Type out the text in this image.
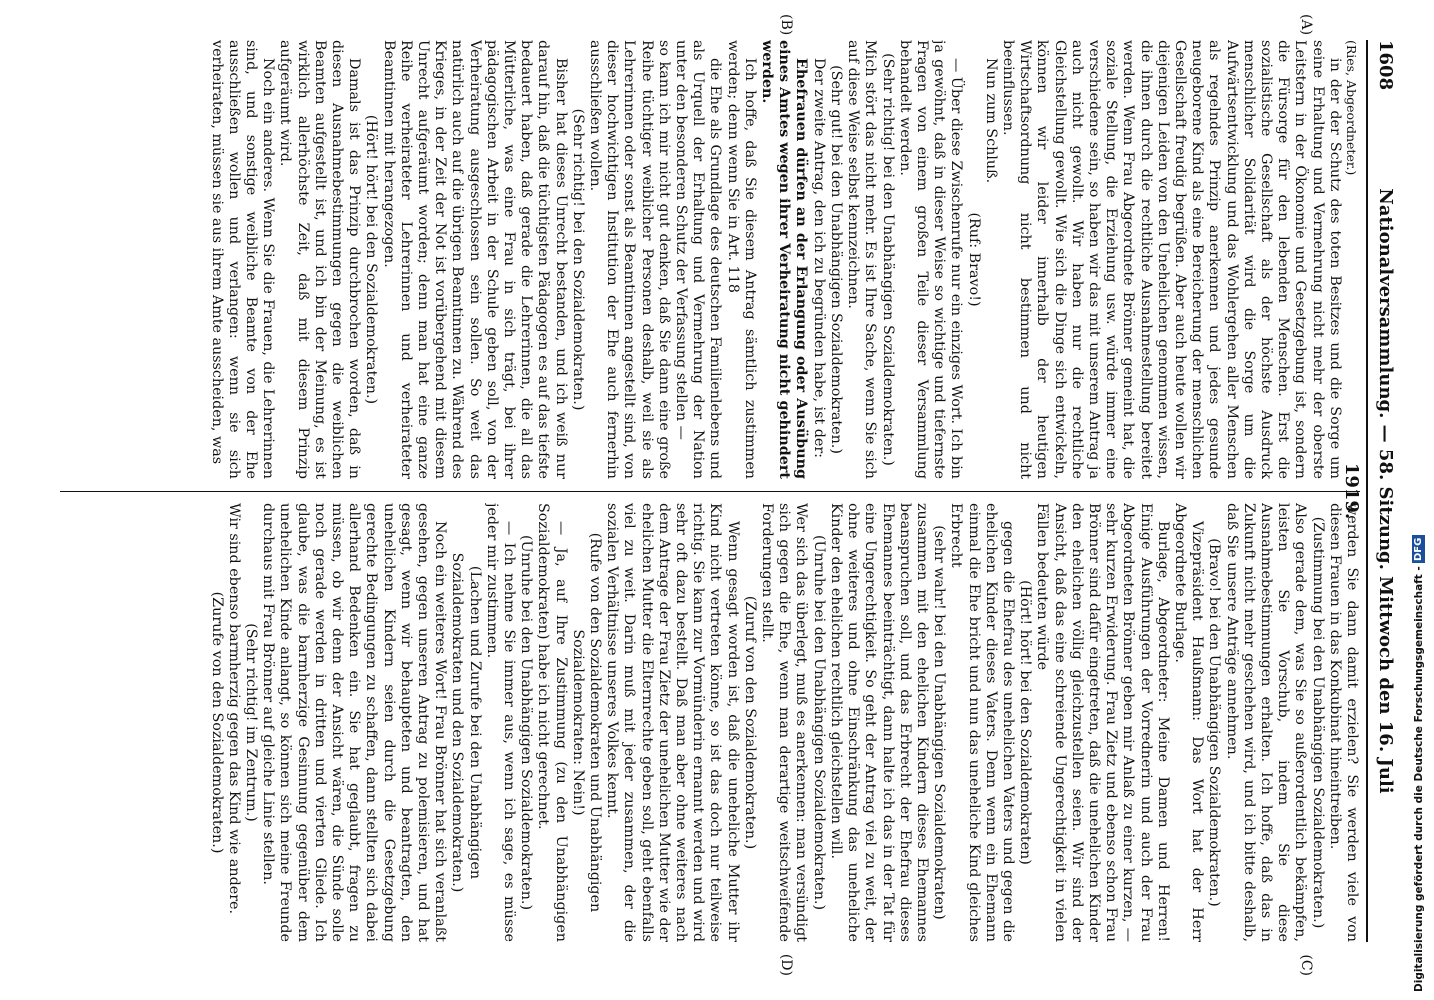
1608
Nationalversammlung. — 58. Sitzung. Mittwoch den 16. Juli 1919.

(Ries, Abgeordneter.)

in der der Schutz des toten Besitzes und die Sorge um seine Erhaltung und Vermehrung nicht mehr der oberste Leitstern in der Ökonomie und Gesetzgebung ist, sondern die Fürsorge für den lebenden Menschen. Erst die sozialistische Gesellschaft als der höchste Ausdruck menschlicher Solidarität wird die Sorge um die Aufwärtsentwicklung und das Wohlergehen aller Menschen als regelndes Prinzip anerkennen und jedes gesunde neugeborene Kind als eine Bereicherung der menschlichen Gesellschaft freudig begrüßen. Aber auch heute wollen wir diejenigen Leiden von den Unehelichen genommen wissen, die ihnen durch die rechtliche Ausnahmestellung bereitet werden. Wenn Frau Abgeordnete Brönner gemeint hat, die soziale Stellung, die Erziehung usw. würde immer eine verschiedene sein, so haben wir das mit unserem Antrag ja auch nicht gewollt. Wir haben nur die rechtliche Gleichstellung gewollt. Wie sich die Dinge sich entwickeln, können wir leider innerhalb der heutigen Wirtschaftsordnung nicht bestimmen und nicht beeinflussen.

Nun zum Schluß.

(Ruf: Bravo!)

— Über diese Zwischenrufe nur ein einziges Wort. Ich bin ja gewöhnt, daß in dieser Weise so wichtige und tiefernste Fragen von einem großen Teile dieser Versammlung behandelt werden.

(Sehr richtig! bei den Unabhängigen Sozialdemokraten.)

Mich stört das nicht mehr. Es ist Ihre Sache, wenn Sie sich auf diese Weise selbst kennzeichnen.

(Sehr gut! bei den Unabhängigen Sozialdemokraten.)

Der zweite Antrag, den ich zu begründen habe, ist der:

Ehefrauen dürfen an der Erlangung oder Ausübung eines Amtes wegen ihrer Verheiratung nicht gehindert werden.

Ich hoffe, daß Sie diesem Antrag sämtlich zustimmen werden; denn wenn Sie in Art. 118

die Ehe als Grundlage des deutschen Familienlebens und als Urquell der Erhaltung und Vermehrung der Nation unter den besonderen Schutz der Verfassung stellen —

so kann ich mir nicht gut denken, daß Sie dann eine große Reihe tüchtiger weiblicher Personen deshalb, weil sie als Lehrerinnen oder sonst als Beamtinnen angestellt sind, von dieser hochwichtigen Institution der Ehe auch fernerhin ausschließen wollen.

(Sehr richtig! bei den Sozialdemokraten.)

Bisher hat dieses Unrecht bestanden, und ich weiß nur darauf hin, daß die tüchtigsten Pädagogen es auf das tiefste bedauert haben, daß gerade die Lehrerinnen, die all das Mütterliche, was eine Frau in sich trägt, bei ihrer pädagogischen Arbeit in der Schule geben soll, von der Verheiratung ausgeschlossen sein sollen. So weit das natürlich auch auf die übrigen Beamtinnen zu. Während des Krieges, in der Zeit der Not ist vorübergehend mit diesem Unrecht aufgeräumt worden; denn man hat eine ganze Reihe verheirateter Lehrerinnen und verheirateter Beamtinnen mit herangezogen.

(Hört! hört! bei den Sozialdemokraten.)

Damals ist das Prinzip durchbrochen worden, daß in diesen Ausnahmebestimmungen gegen die weiblichen Beamten aufgestellt ist, und ich bin der Meinung, es ist wirklich allerhöchste Zeit, daß mit diesem Prinzip aufgeräumt wird.

Noch ein anderes. Wenn Sie die Frauen, die Lehrerinnen sind, und sonstige weibliche Beamte von der Ehe ausschließen wollen und verlangen: wenn sie sich verheiraten, müssen sie aus ihrem Amte ausscheiden, was

werden Sie dann damit erzielen? Sie werden viele von diesen Frauen in das Konkubinat hineintreiben.

(Zustimmung bei den Unabhängigen Sozialdemokraten.)

Also gerade dem, was Sie so außerordentlich bekämpfen, leisten Sie Vorschub, indem Sie diese Ausnahmebestimmungen erhalten. Ich hoffe, daß das in Zukunft nicht mehr geschehen wird, und ich bitte deshalb, daß Sie unsere Anträge annehmen.

(Bravo! bei den Unabhängigen Sozialdemokraten.)

Vizepräsident Haußmann: Das Wort hat der Herr Abgeordnete Burlage.

Burlage, Abgeordneter: Meine Damen und Herren! Einige Ausführungen der Vorrednerin und auch der Frau Abgeordneten Brönner geben mir Anlaß zu einer kurzen, — sehr kurzen Erwiderung. Frau Zietz und ebenso schon Frau Brönner sind dafür eingetreten, daß die unehelichen Kinder den ehelichen völlig gleichzustellen seien. Wir sind der Ansicht, daß das eine schreiende Ungerechtigkeit in vielen Fällen bedeuten würde

(Hört! hört! bei den Sozialdemokraten)

gegen die Ehefrau des unehelichen Vaters und gegen die ehelichen Kinder dieses Vaters. Denn wenn ein Ehemann einmal die Ehe bricht und nun das uneheliche Kind gleiches Erbrecht

(sehr wahr! bei den Unabhängigen Sozialdemokraten)

zusammen mit den ehelichen Kindern dieses Ehemannes beanspruchen soll, und das Erbrecht der Ehefrau dieses Ehemannes beeinträchtigt, dann halte ich das in der Tat für eine Ungerechtigkeit. So geht der Antrag viel zu weit, der ohne weiteres und ohne Einschränkung das uneheliche Kinder den ehelichen rechtlich gleichstellen will.

(Unruhe bei den Unabhängigen Sozialdemokraten.)

Wer sich das überlegt, muß es anerkennen: man versündigt sich gegen die Ehe, wenn man derartige weitschweifende Forderungen stellt.

(Zuruf von den Sozialdemokraten.)

Wenn gesagt worden ist, daß die uneheliche Mutter ihr Kind nicht vertreten könne, so ist das doch nur teilweise richtig. Sie kann zur Vormünderin ernannt werden und wird sehr oft dazu bestellt. Daß man aber ohne weiteres nach dem Antrage der Frau Zietz der unehelichen Mutter wie der ehelichen Mutter die Elternrechte geben soll, geht ebenfalls viel zu weit. Darin muß mit jeder zusammen, der die sozialen Verhältnisse unseres Volkes kennt.

(Rufe von den Sozialdemokraten und Unabhängigen Sozialdemokraten: Nein!)

— Ja, auf Ihre Zustimmung (zu den Unabhängigen Sozialdemokraten) habe ich nicht gerechnet.

(Unruhe bei den Unabhängigen Sozialdemokraten.)

— Ich nehme Sie immer aus, wenn ich sage, es müsse jeder mir zustimmen.

(Lachen und Zurufe bei den Unabhängigen Sozialdemokraten und den Sozialdemokraten.)

Noch ein weiteres Wort! Frau Brönner hat sich veranlaßt gesehen, gegen unseren Antrag zu polemisieren, und hat gesagt, wenn wir behaupteten und beantragten, den unehelichen Kindern seien durch die Gesetzgebung gerechte Bedingungen zu schaffen, dann stellten sich dabei allerhand Bedenken ein. Sie hat geglaubt, fragen zu müssen, ob wir denn der Ansicht wären, die Sünde solle noch gerade werden in dritten und vierten Gliede. Ich glaube, was die barmherzige Gesinnung gegenüber dem unehelichen Kinde anlangt, so können sich meine Freunde durchaus mit Frau Brönner auf gleiche Linie stellen.

(Sehr richtig! im Zentrum.)

Wir sind ebenso barmherzig gegen das Kind wie andere.

(Zurufe von den Sozialdemokraten.)

(A)
(B)
(C)
(D)	Digitalisierung gefördert durch die Deutsche Forschungsgemeinschaft - DFG
